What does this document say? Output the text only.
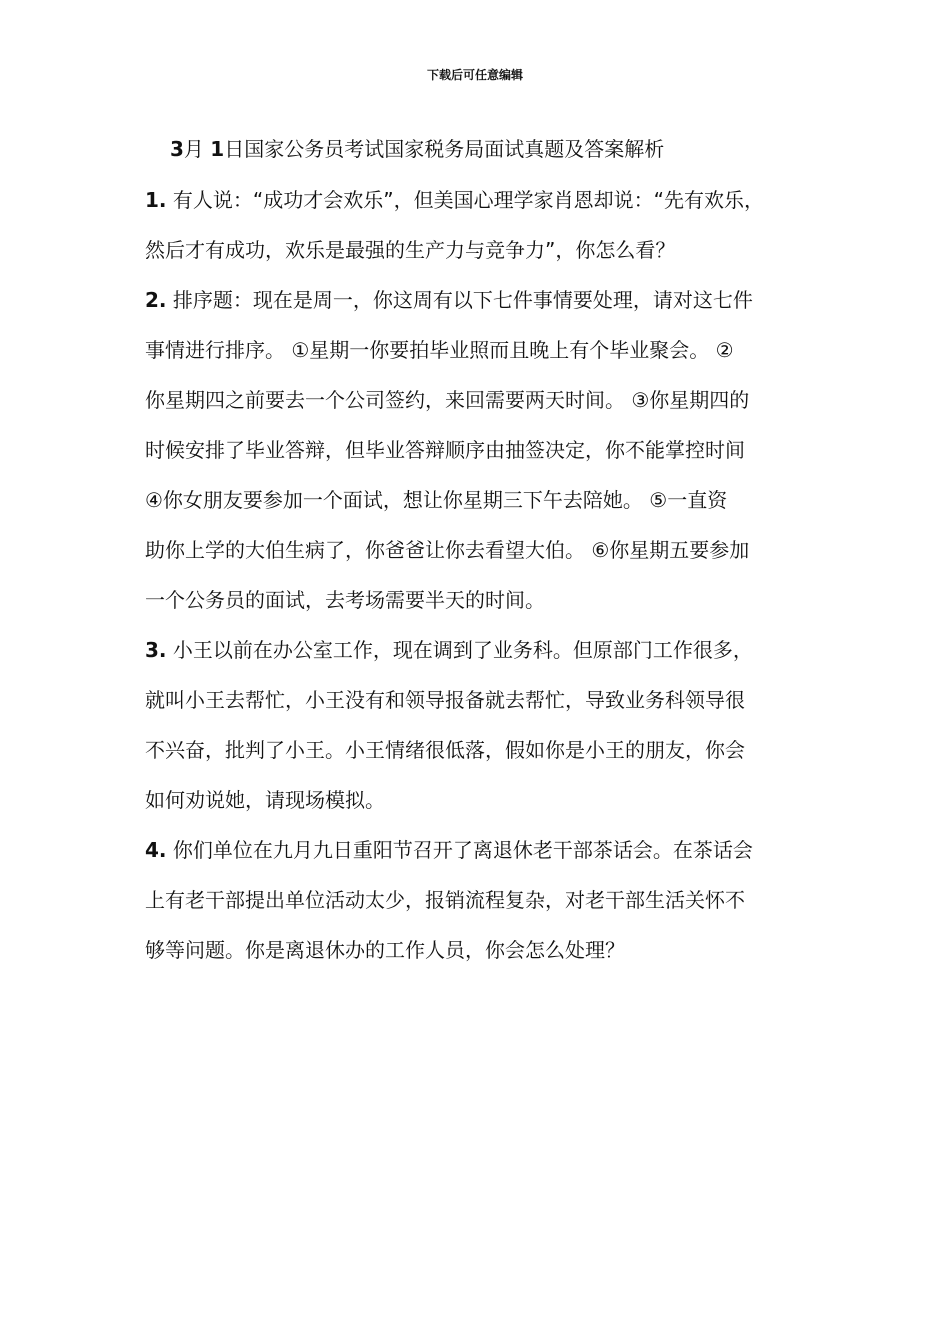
下载后可任意编辑
3月 1日国家公务员考试国家税务局面试真题及答案解析
1. 有人说：“成功才会欢乐”，但美国心理学家肖恩却说：“先有欢乐，
然后才有成功，欢乐是最强的生产力与竞争力”，你怎么看？
2. 排序题：现在是周一，你这周有以下七件事情要处理，请对这七件
事情进行排序。 ①星期一你要拍毕业照而且晚上有个毕业聚会。 ②
你星期四之前要去一个公司签约，来回需要两天时间。 ③你星期四的
时候安排了毕业答辩，但毕业答辩顺序由抽签决定，你不能掌控时间
④你女朋友要参加一个面试，想让你星期三下午去陪她。 ⑤一直资
助你上学的大伯生病了，你爸爸让你去看望大伯。 ⑥你星期五要参加
一个公务员的面试，去考场需要半天的时间。
3. 小王以前在办公室工作，现在调到了业务科。但原部门工作很多，
就叫小王去帮忙，小王没有和领导报备就去帮忙，导致业务科领导很
不兴奋，批判了小王。小王情绪很低落，假如你是小王的朋友，你会
如何劝说她，请现场模拟。
4. 你们单位在九月九日重阳节召开了离退休老干部茶话会。在茶话会
上有老干部提出单位活动太少，报销流程复杂，对老干部生活关怀不
够等问题。你是离退休办的工作人员，你会怎么处理？
